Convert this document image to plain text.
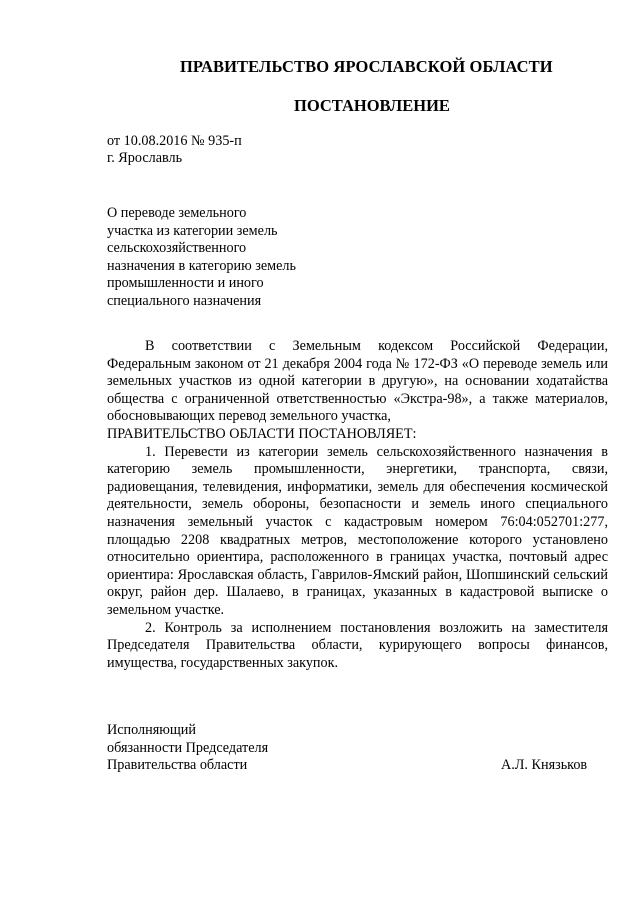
ПРАВИТЕЛЬСТВО ЯРОСЛАВСКОЙ ОБЛАСТИ
ПОСТАНОВЛЕНИЕ
от 10.08.2016 № 935-п
г. Ярославль
О переводе земельного
участка из категории земель
сельскохозяйственного
назначения в категорию земель
промышленности и иного
специального назначения

В соответствии с Земельным кодексом Российской Федерации, Федеральным законом от 21 декабря 2004 года № 172-ФЗ «О переводе земель или земельных участков из одной категории в другую», на основании ходатайства общества с ограниченной ответственностью «Экстра-98», а также материалов, обосновывающих перевод земельного участка,

ПРАВИТЕЛЬСТВО ОБЛАСТИ ПОСТАНОВЛЯЕТ:

1. Перевести из категории земель сельскохозяйственного назначения в категорию земель промышленности, энергетики, транспорта, связи, радиовещания, телевидения, информатики, земель для обеспечения космической деятельности, земель обороны, безопасности и земель иного специального назначения земельный участок с кадастровым номером 76:04:052701:277, площадью 2208 квадратных метров, местоположение которого установлено относительно ориентира, расположенного в границах участка, почтовый адрес ориентира: Ярославская область, Гаврилов-Ямский район, Шопшинский сельский округ, район дер. Шалаево, в границах, указанных в кадастровой выписке о земельном участке.

2. Контроль за исполнением постановления возложить на заместителя Председателя Правительства области, курирующего вопросы финансов, имущества, государственных закупок.

Исполняющий
обязанности Председателя
Правительства области	А.Л. Князьков
